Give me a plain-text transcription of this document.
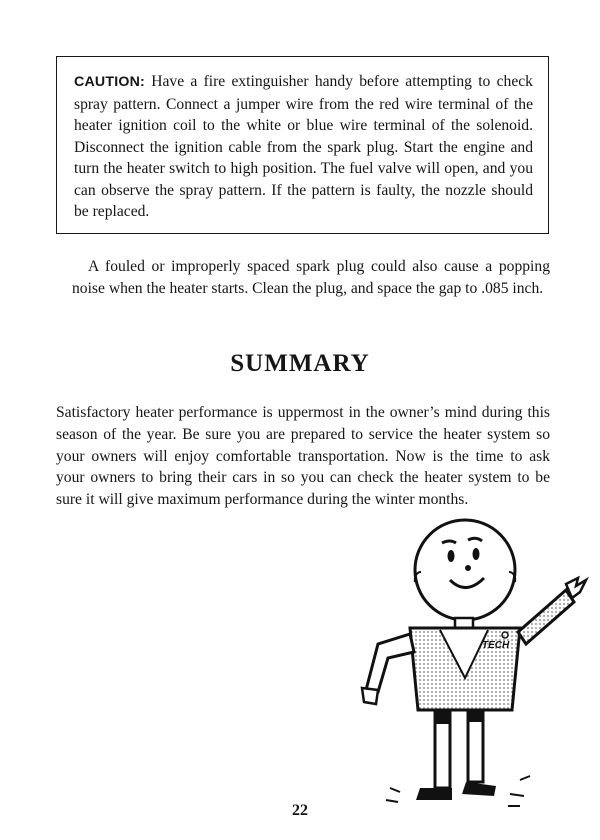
CAUTION: Have a fire extinguisher handy before attempting to check spray pattern. Connect a jumper wire from the red wire terminal of the heater ignition coil to the white or blue wire terminal of the solenoid. Disconnect the ignition cable from the spark plug. Start the engine and turn the heater switch to high position. The fuel valve will open, and you can observe the spray pattern. If the pattern is faulty, the nozzle should be replaced.

A fouled or improperly spaced spark plug could also cause a popping noise when the heater starts. Clean the plug, and space the gap to .085 inch.

SUMMARY

Satisfactory heater performance is uppermost in the owner’s mind during this season of the year. Be sure you are prepared to service the heater system so your owners will enjoy comfortable transportation. Now is the time to ask your owners to bring their cars in so you can check the heater system to be sure it will give maximum performance during the winter months.

TECH
22
